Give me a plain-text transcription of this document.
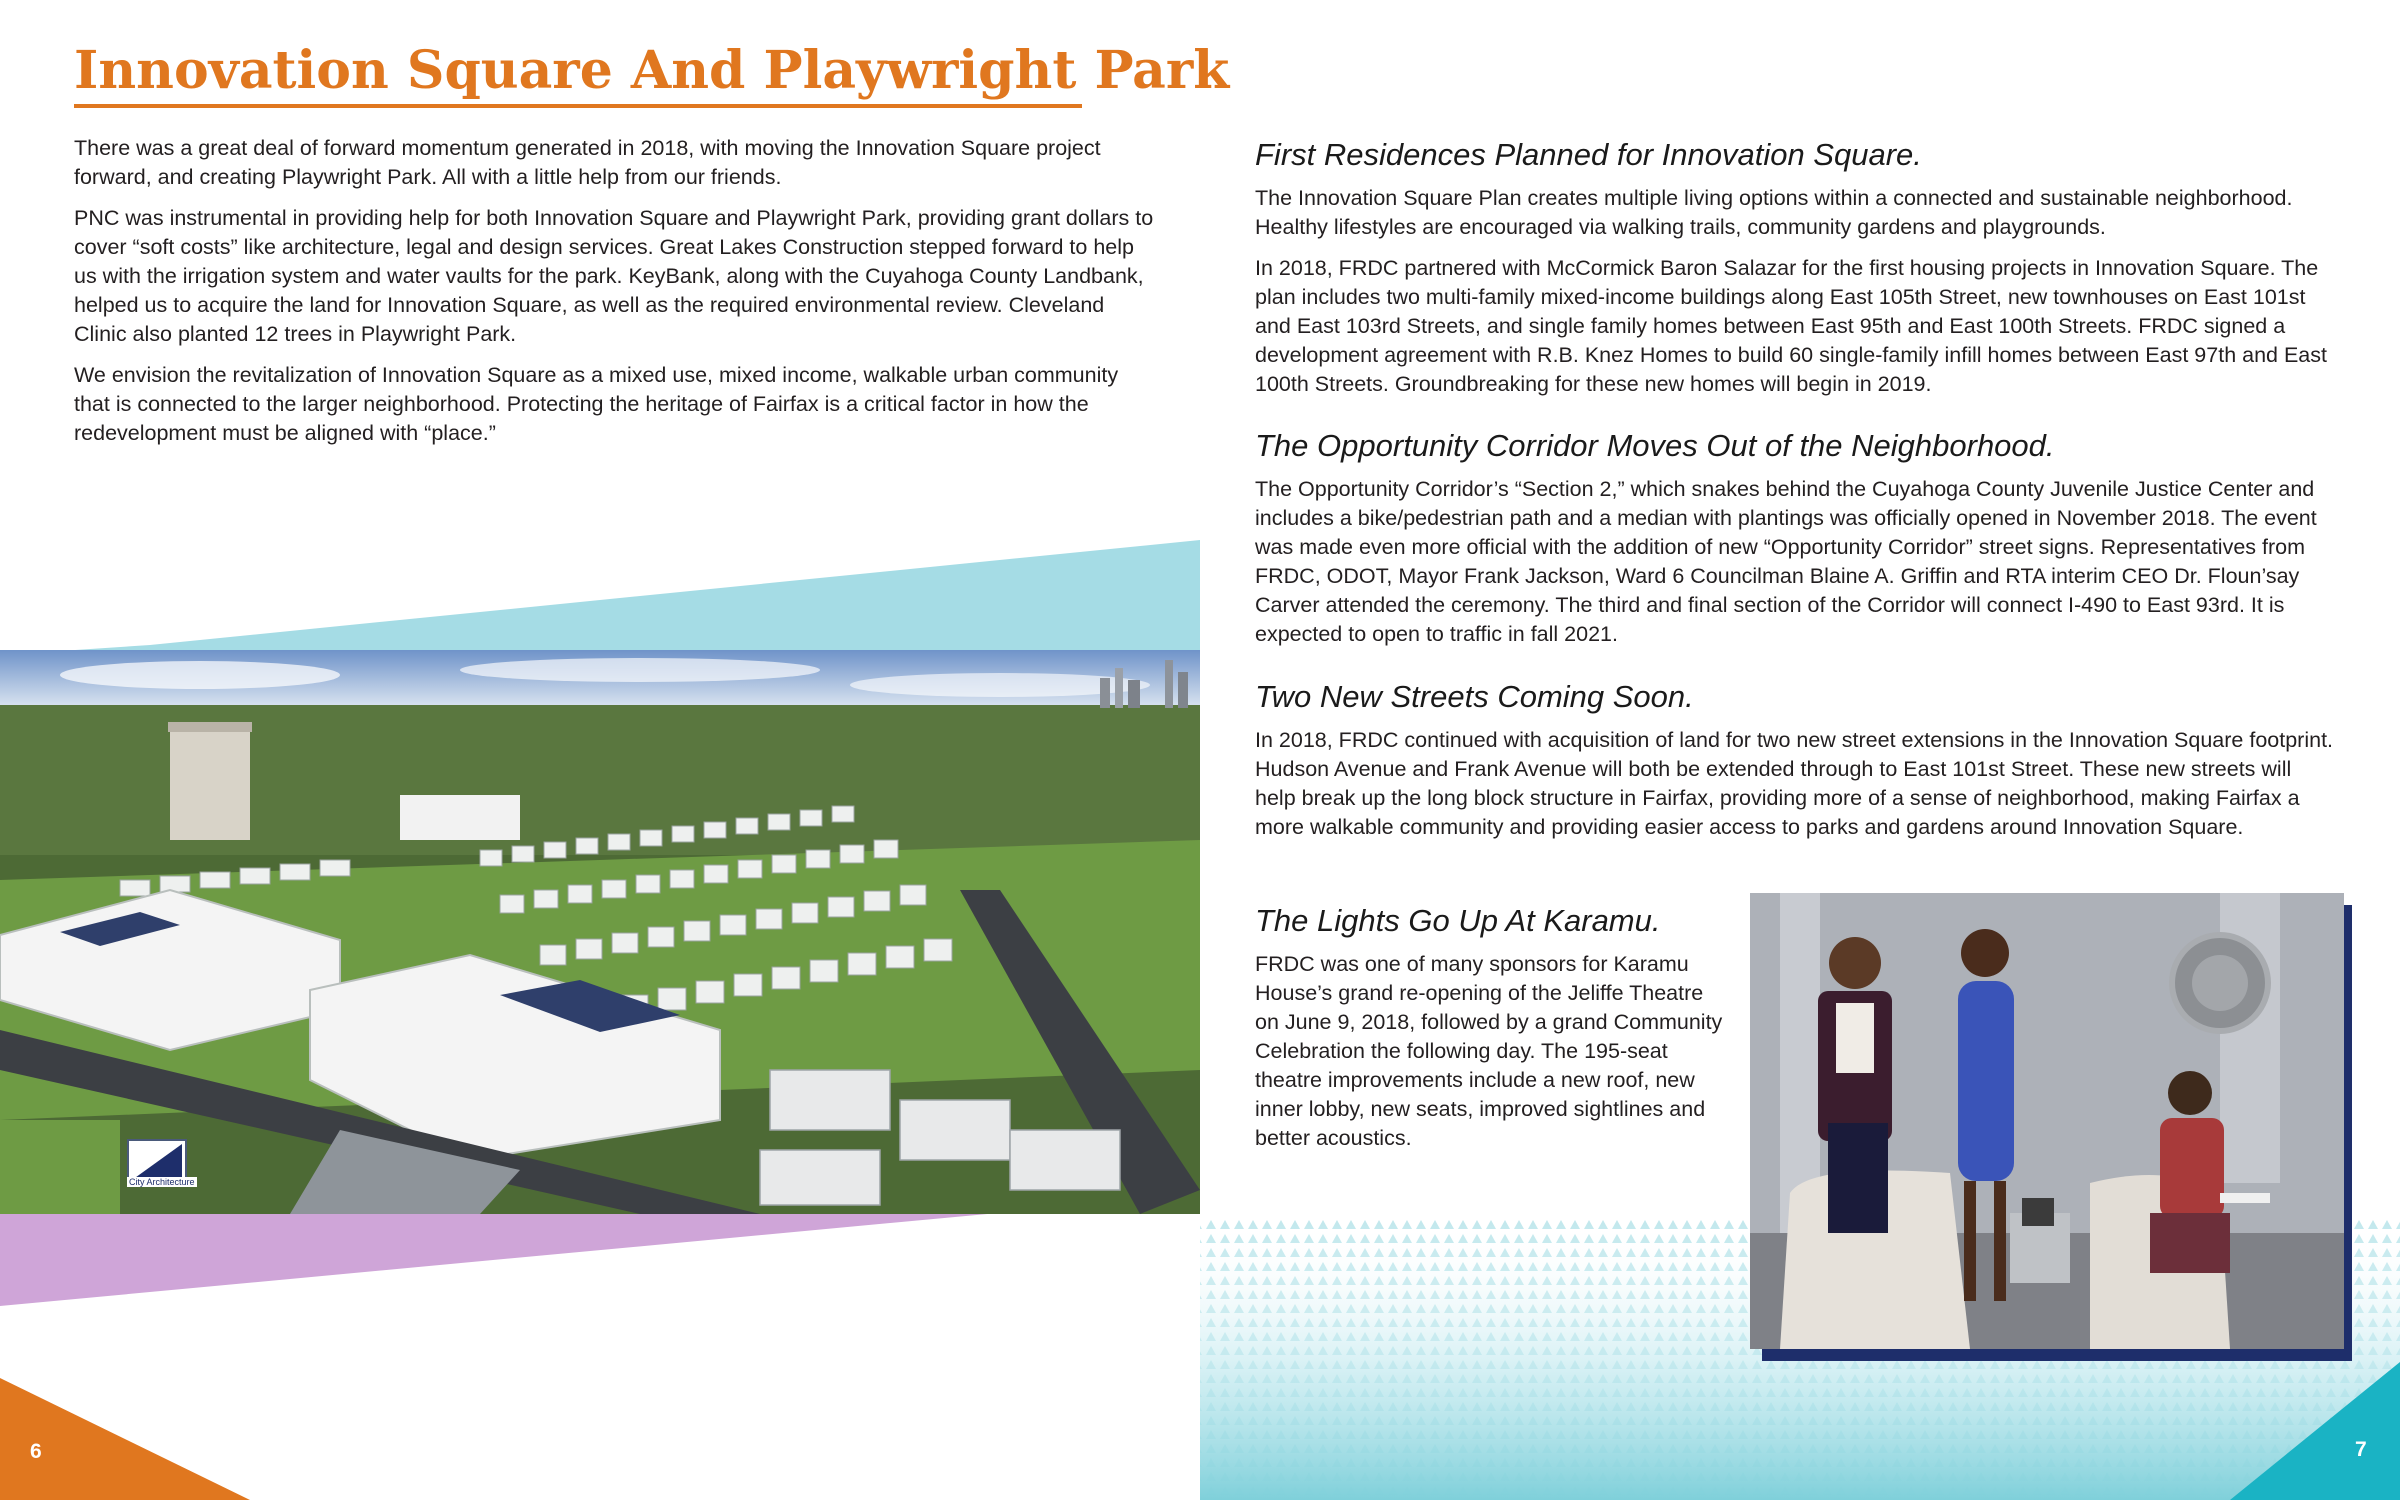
Innovation Square And Playwright Park

There was a great deal of forward momentum generated in 2018, with moving the Innovation Square project forward, and creating Playwright Park. All with a little help from our friends.

PNC was instrumental in providing help for both Innovation Square and Playwright Park, providing grant dollars to cover “soft costs” like architecture, legal and design services. Great Lakes Construction stepped forward to help us with the irrigation system and water vaults for the park. KeyBank, along with the Cuyahoga County Landbank, helped us to acquire the land for Innovation Square, as well as the required environmental review. Cleveland Clinic also planted 12 trees in Playwright Park.

We envision the revitalization of Innovation Square as a mixed use, mixed income, walkable urban community that is connected to the larger neighborhood. Protecting the heritage of Fairfax is a critical factor in how the redevelopment must be aligned with “place.”

City Architecture
6
First Residences Planned for Innovation Square.

The Innovation Square Plan creates multiple living options within a connected and sustainable neighborhood. Healthy lifestyles are encouraged via walking trails, community gardens and playgrounds.

In 2018, FRDC partnered with McCormick Baron Salazar for the first housing projects in Innovation Square. The plan includes two multi-family mixed-income buildings along East 105th Street, new townhouses on East 101st and East 103rd Streets, and single family homes between East 95th and East 100th Streets. FRDC signed a development agreement with R.B. Knez Homes to build 60 single-family infill homes between East 97th and East 100th Streets. Groundbreaking for these new homes will begin in 2019.

The Opportunity Corridor Moves Out of the Neighborhood.

The Opportunity Corridor’s “Section 2,” which snakes behind the Cuyahoga County Juvenile Justice Center and includes a bike/pedestrian path and a median with plantings was officially opened in November 2018. The event was made even more official with the addition of new “Opportunity Corridor” street signs. Representatives from FRDC, ODOT, Mayor Frank Jackson, Ward 6 Councilman Blaine A. Griffin and RTA interim CEO Dr. Floun’say Carver attended the ceremony. The third and final section of the Corridor will connect I-490 to East 93rd. It is expected to open to traffic in fall 2021.

Two New Streets Coming Soon.

In 2018, FRDC continued with acquisition of land for two new street extensions in the Innovation Square footprint. Hudson Avenue and Frank Avenue will both be extended through to East 101st Street. These new streets will help break up the long block structure in Fairfax, providing more of a sense of neighborhood, making Fairfax a more walkable community and providing easier access to parks and gardens around Innovation Square.

The Lights Go Up At Karamu.

FRDC was one of many sponsors for Karamu House’s grand re-opening of the Jeliffe Theatre on June 9, 2018, followed by a grand Community Celebration the following day. The 195-seat theatre improvements include a new roof, new inner lobby, new seats, improved sightlines and better acoustics.

7
